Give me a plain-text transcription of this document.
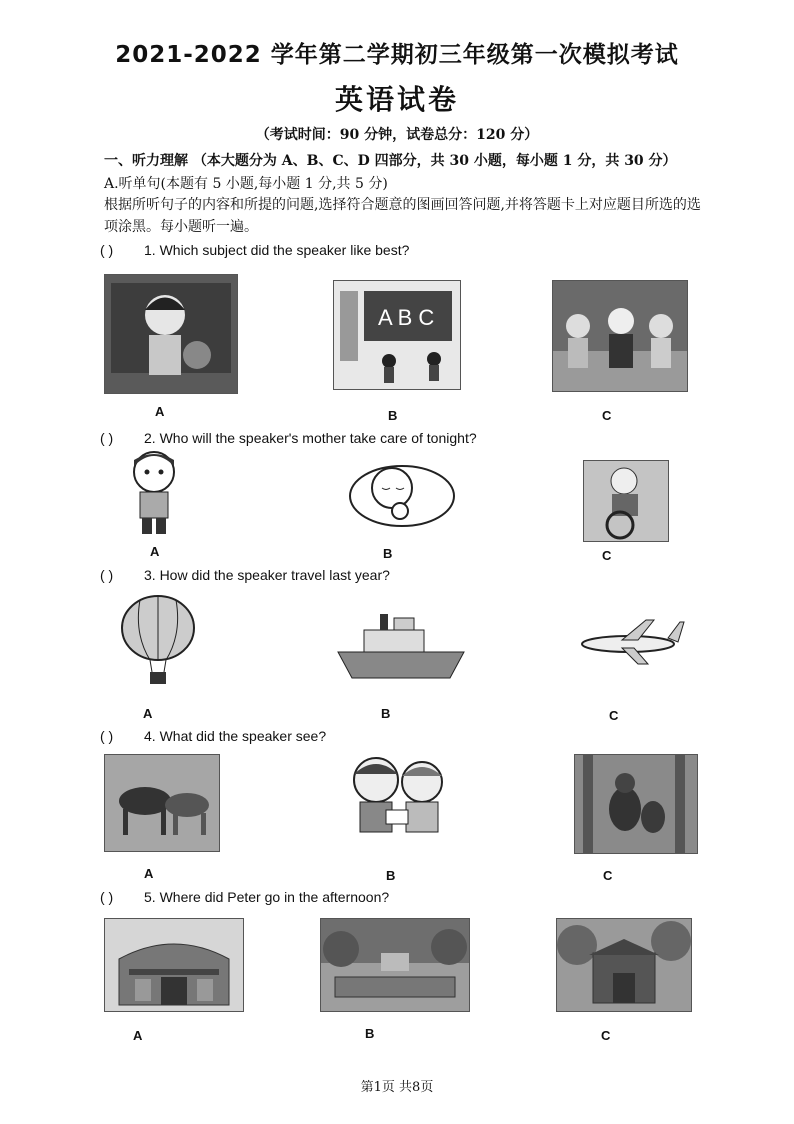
2021-2022 学年第二学期初三年级第一次模拟考试
英语试卷
（考试时间：90 分钟，试卷总分：120 分）
一、听力理解 （本大题分为 A、B、C、D 四部分，共 30 小题，每小题 1 分，共 30 分）
A.听单句(本题有 5 小题,每小题 1 分,共 5 分)
根据所听句子的内容和所提的问题,选择符合题意的图画回答问题,并将答题卡上对应题目所选的选项涂黑。每小题听一遍。
( ) 1. Which subject did the speaker like best?
A B C
A	B	C
( ) 2. Who will the speaker's mother take care of tonight?
A	B	C
( ) 3. How did the speaker travel last year?
A	B	C
( ) 4. What did the speaker see?
A	B	C
( ) 5. Where did Peter go in the afternoon?
A	B	C
第1页 共8页
